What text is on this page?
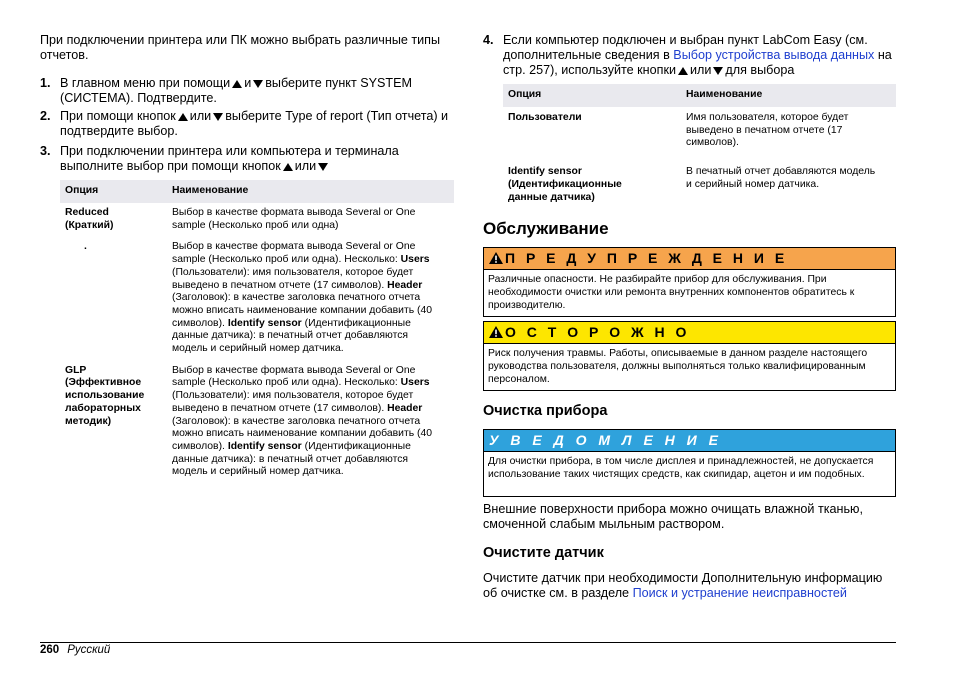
При подключении принтера или ПК можно выбрать различные типы отчетов.

1. В главном меню при помощи и выберите пункт SYSTEM (СИСТЕМА). Подтвердите.

2. При помощи кнопок или выберите Type of report (Тип отчета) и подтвердите выбор.

3. При подключении принтера или компьютера и терминала выполните выбор при помощи кнопок или

Опция	Наименование

Reduced
(Краткий)	Выбор в качестве формата вывода Several or One sample (Несколько проб или одна)
.	Выбор в качестве формата вывода Several or One sample (Несколько проб или одна). Несколько: Users (Пользователи): имя пользователя, которое будет выведено в печатном отчете (17 символов). Header (Заголовок): в качестве заголовка печатного отчета можно вписать наименование компании добавить (40 символов). Identify sensor (Идентификационные данные датчика): в печатный отчет добавляются модель и серийный номер датчика.

GLP
(Эффективное использование лабораторных методик)	Выбор в качестве формата вывода Several or One sample (Несколько проб или одна). Несколько: Users (Пользователи): имя пользователя, которое будет выведено в печатном отчете (17 символов). Header (Заголовок): в качестве заголовка печатного отчета можно вписать наименование компании добавить (40 символов). Identify sensor (Идентификационные данные датчика): в печатный отчет добавляются модель и серийный номер датчика.
4. Если компьютер подключен и выбран пункт LabCom Easy (см. дополнительные сведения в Выбор устройства вывода данных на стр. 257), используйте кнопки или для выбора

Опция	Наименование
Пользователи	Имя пользователя, которое будет выведено в печатном отчете (17 символов).
Identify sensor (Идентификационные данные датчика)	В печатный отчет добавляются модель и серийный номер датчика.
Обслуживание
П Р Е Д У П Р Е Ж Д Е Н И Е
Различные опасности. Не разбирайте прибор для обслуживания. При необходимости очистки или ремонта внутренних компонентов обратитесь к производителю.
О С Т О Р О Ж Н О
Риск получения травмы. Работы, описываемые в данном разделе настоящего руководства пользователя, должны выполняться только квалифицированным персоналом.
Очистка прибора
У В Е Д О М Л Е Н И Е
Для очистки прибора, в том числе дисплея и принадлежностей, не допускается использование таких чистящих средств, как скипидар, ацетон и им подобных.

Внешние поверхности прибора можно очищать влажной тканью, смоченной слабым мыльным раствором.

Очистите датчик

Очистите датчик при необходимости Дополнительную информацию об очистке см. в разделе Поиск и устранение неисправностей

260 Русский
